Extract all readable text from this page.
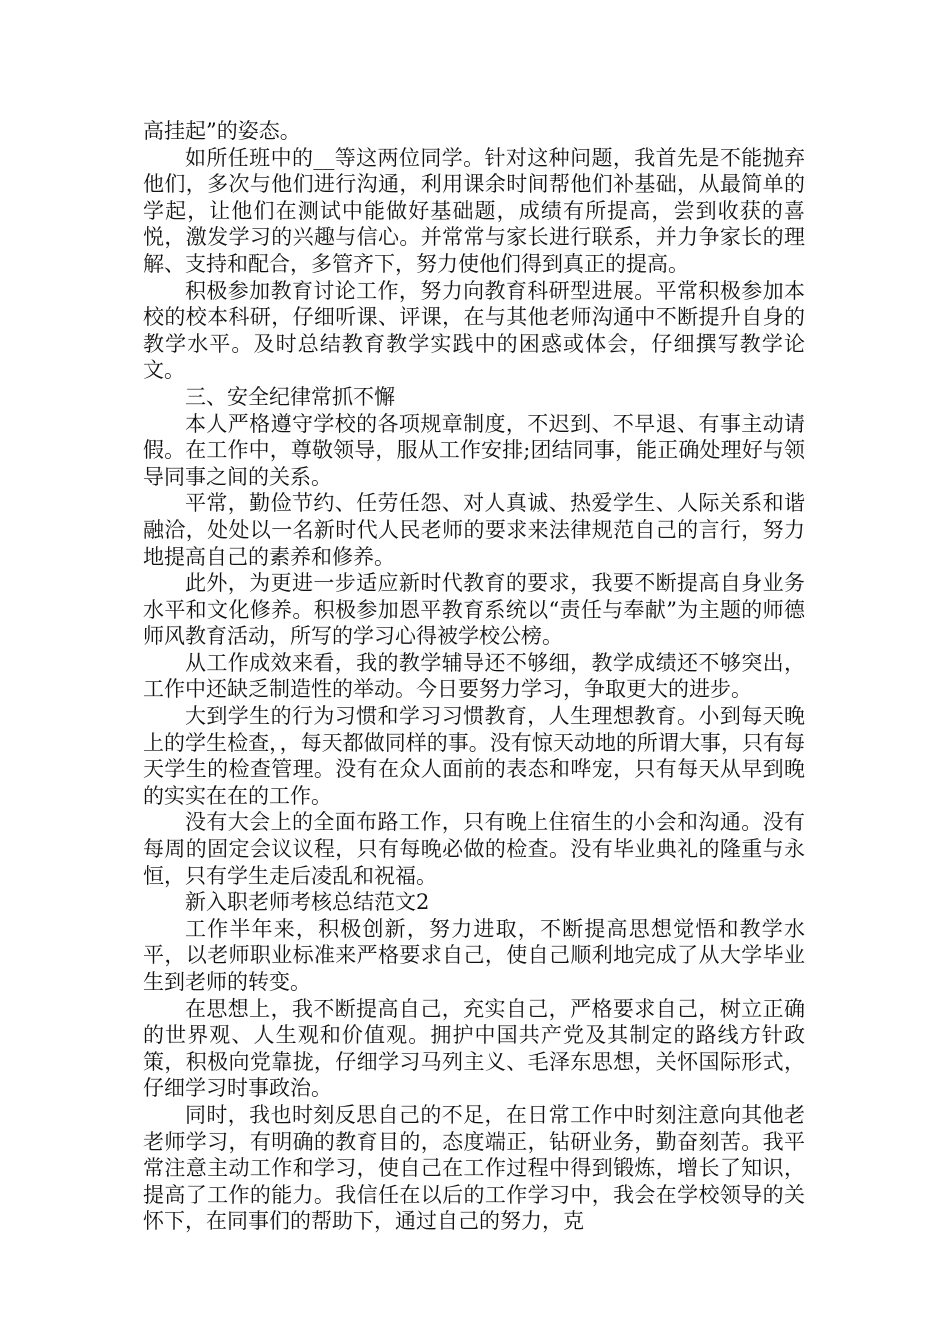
高挂起”的姿态。

如所任班中的__等这两位同学。针对这种问题，我首先是不能抛弃他们，多次与他们进行沟通，利用课余时间帮他们补基础，从最简单的学起，让他们在测试中能做好基础题，成绩有所提高，尝到收获的喜悦，激发学习的兴趣与信心。并常常与家长进行联系，并力争家长的理解、支持和配合，多管齐下，努力使他们得到真正的提高。

积极参加教育讨论工作，努力向教育科研型进展。平常积极参加本校的校本科研，仔细听课、评课，在与其他老师沟通中不断提升自身的教学水平。及时总结教育教学实践中的困惑或体会，仔细撰写教学论文。

三、安全纪律常抓不懈

本人严格遵守学校的各项规章制度，不迟到、不早退、有事主动请假。在工作中，尊敬领导，服从工作安排;团结同事，能正确处理好与领导同事之间的关系。

平常，勤俭节约、任劳任怨、对人真诚、热爱学生、人际关系和谐融洽，处处以一名新时代人民老师的要求来法律规范自己的言行，努力地提高自己的素养和修养。

此外，为更进一步适应新时代教育的要求，我要不断提高自身业务水平和文化修养。积极参加恩平教育系统以“责任与奉献”为主题的师德师风教育活动，所写的学习心得被学校公榜。

从工作成效来看，我的教学辅导还不够细，教学成绩还不够突出，工作中还缺乏制造性的举动。今日要努力学习，争取更大的进步。

大到学生的行为习惯和学习习惯教育，人生理想教育。小到每天晚上的学生检查，，每天都做同样的事。没有惊天动地的所谓大事，只有每天学生的检查管理。没有在众人面前的表态和哗宠，只有每天从早到晚的实实在在的工作。

没有大会上的全面布路工作，只有晚上住宿生的小会和沟通。没有每周的固定会议议程，只有每晚必做的检查。没有毕业典礼的隆重与永恒，只有学生走后凌乱和祝福。

新入职老师考核总结范文2

工作半年来，积极创新，努力进取，不断提高思想觉悟和教学水平，以老师职业标准来严格要求自己，使自己顺利地完成了从大学毕业生到老师的转变。

在思想上，我不断提高自己，充实自己，严格要求自己，树立正确的世界观、人生观和价值观。拥护中国共产党及其制定的路线方针政策，积极向党靠拢，仔细学习马列主义、毛泽东思想，关怀国际形式，仔细学习时事政治。

同时，我也时刻反思自己的不足，在日常工作中时刻注意向其他老老师学习，有明确的教育目的，态度端正，钻研业务，勤奋刻苦。我平常注意主动工作和学习，使自己在工作过程中得到锻炼，增长了知识，提高了工作的能力。我信任在以后的工作学习中，我会在学校领导的关怀下，在同事们的帮助下，通过自己的努力，克
